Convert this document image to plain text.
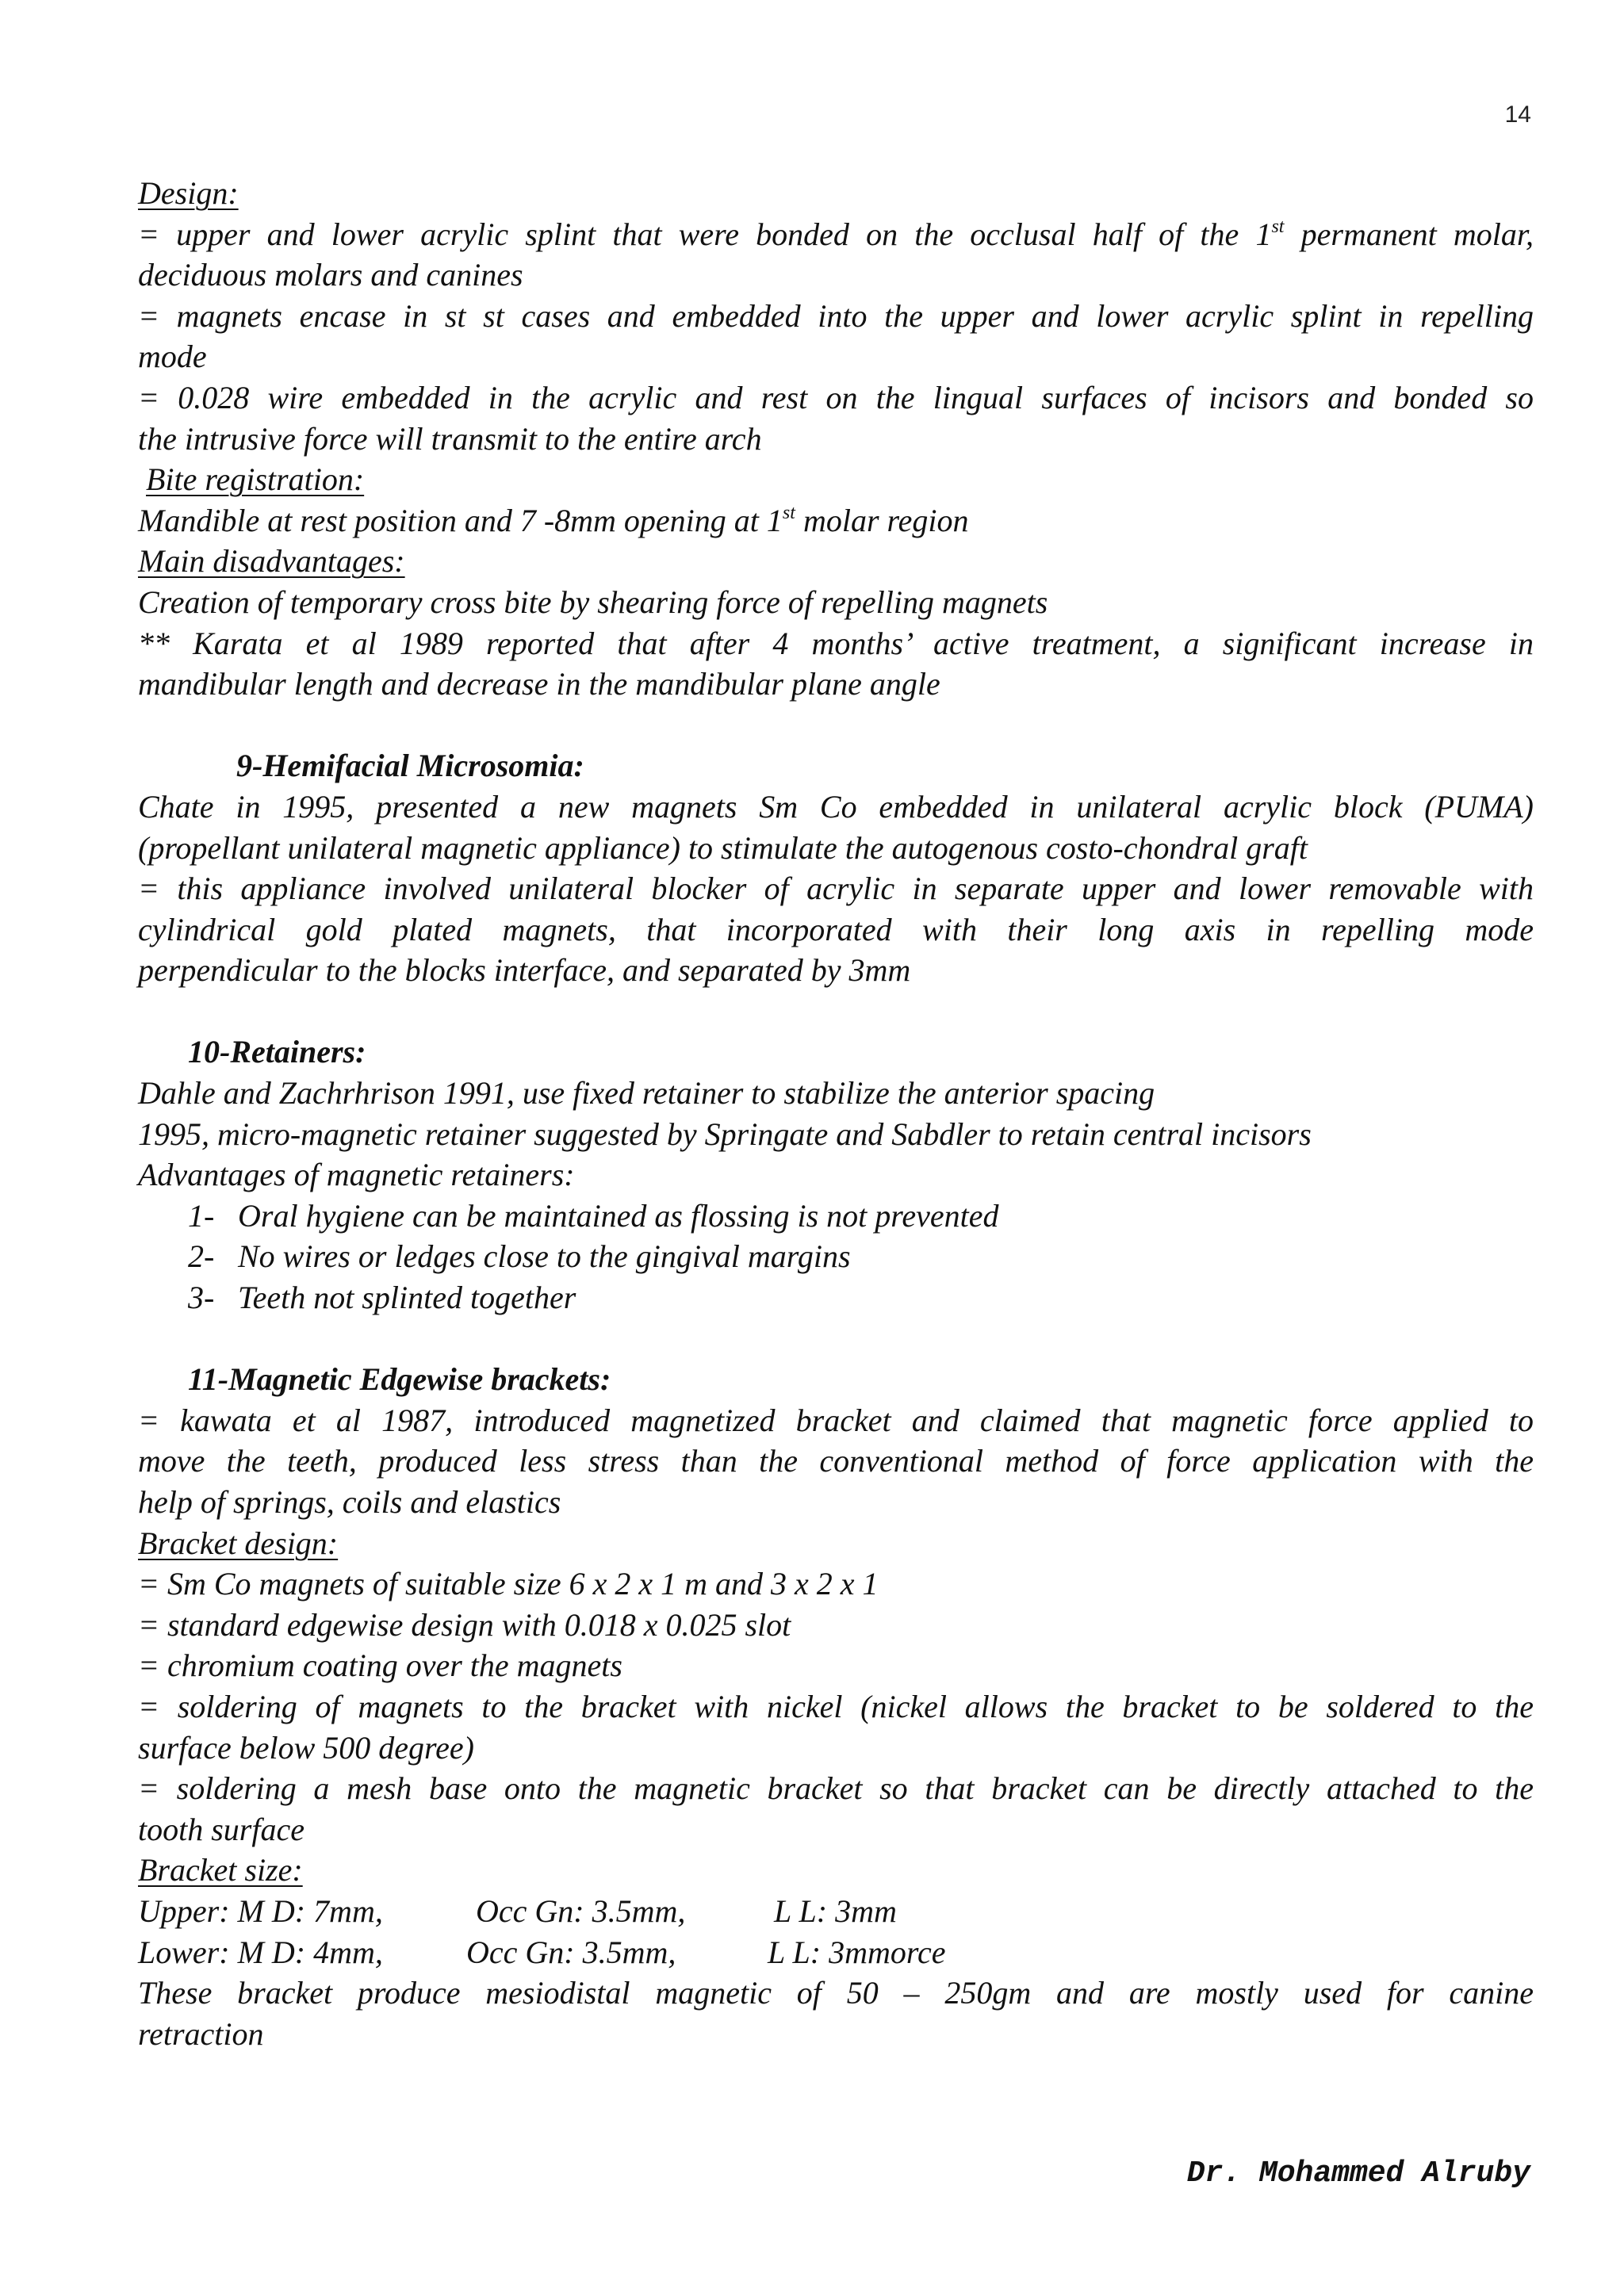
14
Design:
= upper and lower acrylic splint that were bonded on the occlusal half of the 1st permanent molar,
deciduous molars and canines
= magnets encase in st st cases and embedded into the upper and lower acrylic splint in repelling
mode
= 0.028 wire embedded in the acrylic and rest on the lingual surfaces of incisors and bonded so
the intrusive force will transmit to the entire arch
Bite registration:
Mandible at rest position and 7 -8mm opening at 1st molar region
Main disadvantages:
Creation of temporary cross bite by shearing force of repelling magnets
** Karata et al 1989 reported that after 4 months’ active treatment, a significant increase in
mandibular length and decrease in the mandibular plane angle
9-Hemifacial Microsomia:
Chate in 1995, presented a new magnets Sm Co embedded in unilateral acrylic block (PUMA)
(propellant unilateral magnetic appliance) to stimulate the autogenous costo-chondral graft
= this appliance involved unilateral blocker of acrylic in separate upper and lower removable with
cylindrical gold plated magnets, that incorporated with their long axis in repelling mode
perpendicular to the blocks interface, and separated by 3mm
10-Retainers:
Dahle and Zachrhrison 1991, use fixed retainer to stabilize the anterior spacing
1995, micro-magnetic retainer suggested by Springate and Sabdler to retain central incisors
Advantages of magnetic retainers:
1- Oral hygiene can be maintained as flossing is not prevented
2- No wires or ledges close to the gingival margins
3- Teeth not splinted together
11-Magnetic Edgewise brackets:
= kawata et al 1987, introduced magnetized bracket and claimed that magnetic force applied to
move the teeth, produced less stress than the conventional method of force application with the
help of springs, coils and elastics
Bracket design:
= Sm Co magnets of suitable size 6 x 2 x 1 m and 3 x 2 x 1
= standard edgewise design with 0.018 x 0.025 slot
= chromium coating over the magnets
= soldering of magnets to the bracket with nickel (nickel allows the bracket to be soldered to the
surface below 500 degree)
= soldering a mesh base onto the magnetic bracket so that bracket can be directly attached to the
tooth surface
Bracket size:
Upper: M D: 7mm,	Occ Gn: 3.5mm,	L L: 3mm
Lower: M D: 4mm,	Occ Gn: 3.5mm,	L L: 3mmorce
These bracket produce mesiodistal magnetic of 50 – 250gm and are mostly used for canine
retraction
Dr. Mohammed Alruby
